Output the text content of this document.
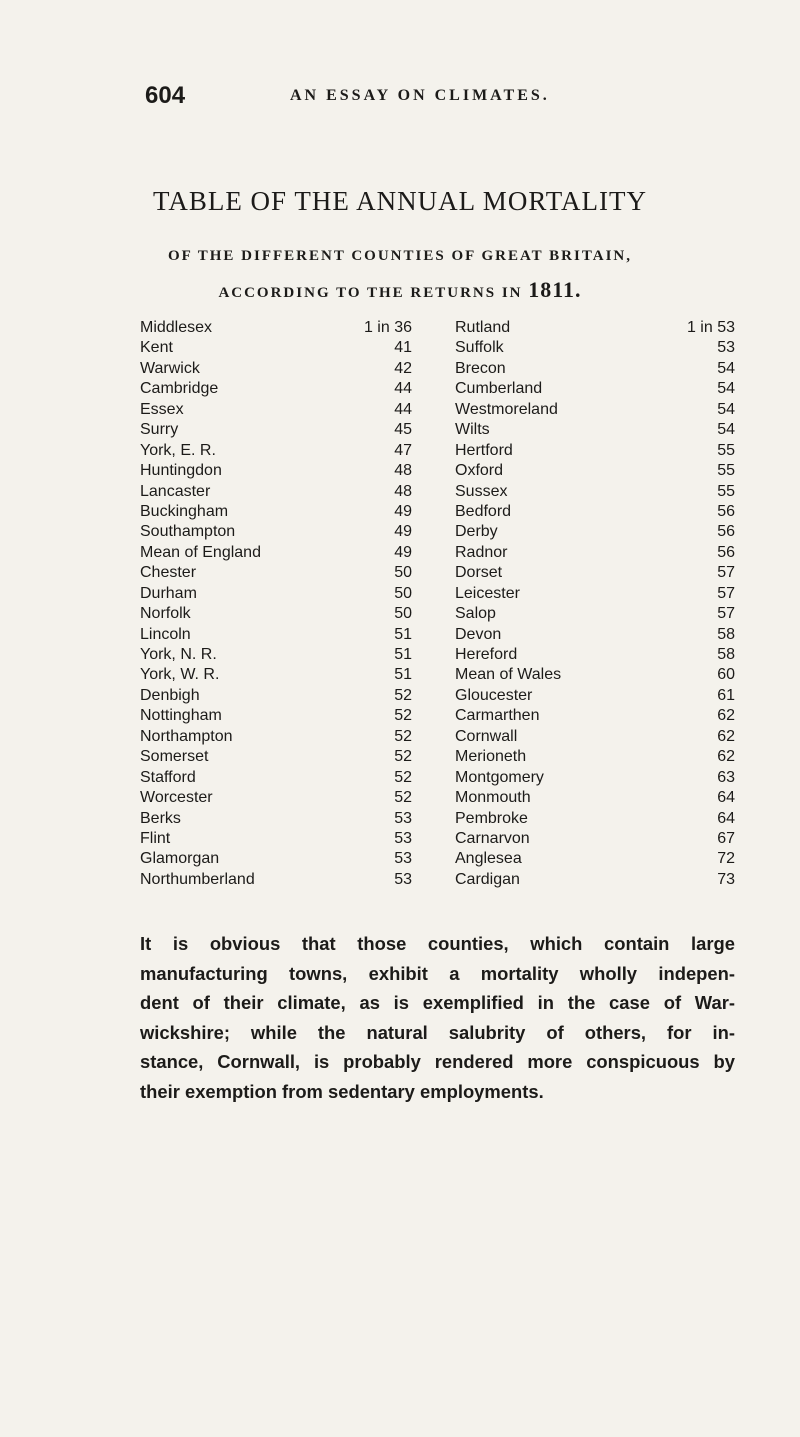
604	AN ESSAY ON CLIMATES.
TABLE OF THE ANNUAL MORTALITY
OF THE DIFFERENT COUNTIES OF GREAT BRITAIN,
ACCORDING TO THE RETURNS IN 1811.
Middlesex	1 in 36	Rutland	1 in 53
Kent	41	Suffolk	53
Warwick	42	Brecon	54
Cambridge	44	Cumberland	54
Essex	44	Westmoreland	54
Surry	45	Wilts	54
York, E. R.	47	Hertford	55
Huntingdon	48	Oxford	55
Lancaster	48	Sussex	55
Buckingham	49	Bedford	56
Southampton	49	Derby	56
Mean of England	49	Radnor	56
Chester	50	Dorset	57
Durham	50	Leicester	57
Norfolk	50	Salop	57
Lincoln	51	Devon	58
York, N. R.	51	Hereford	58
York, W. R.	51	Mean of Wales	60
Denbigh	52	Gloucester	61
Nottingham	52	Carmarthen	62
Northampton	52	Cornwall	62
Somerset	52	Merioneth	62
Stafford	52	Montgomery	63
Worcester	52	Monmouth	64
Berks	53	Pembroke	64
Flint	53	Carnarvon	67
Glamorgan	53	Anglesea	72
Northumberland	53	Cardigan	73
It is obvious that those counties, which contain large
manufacturing towns, exhibit a mortality wholly indepen-
dent of their climate, as is exemplified in the case of War-
wickshire; while the natural salubrity of others, for in-
stance, Cornwall, is probably rendered more conspicuous by
their exemption from sedentary employments.
